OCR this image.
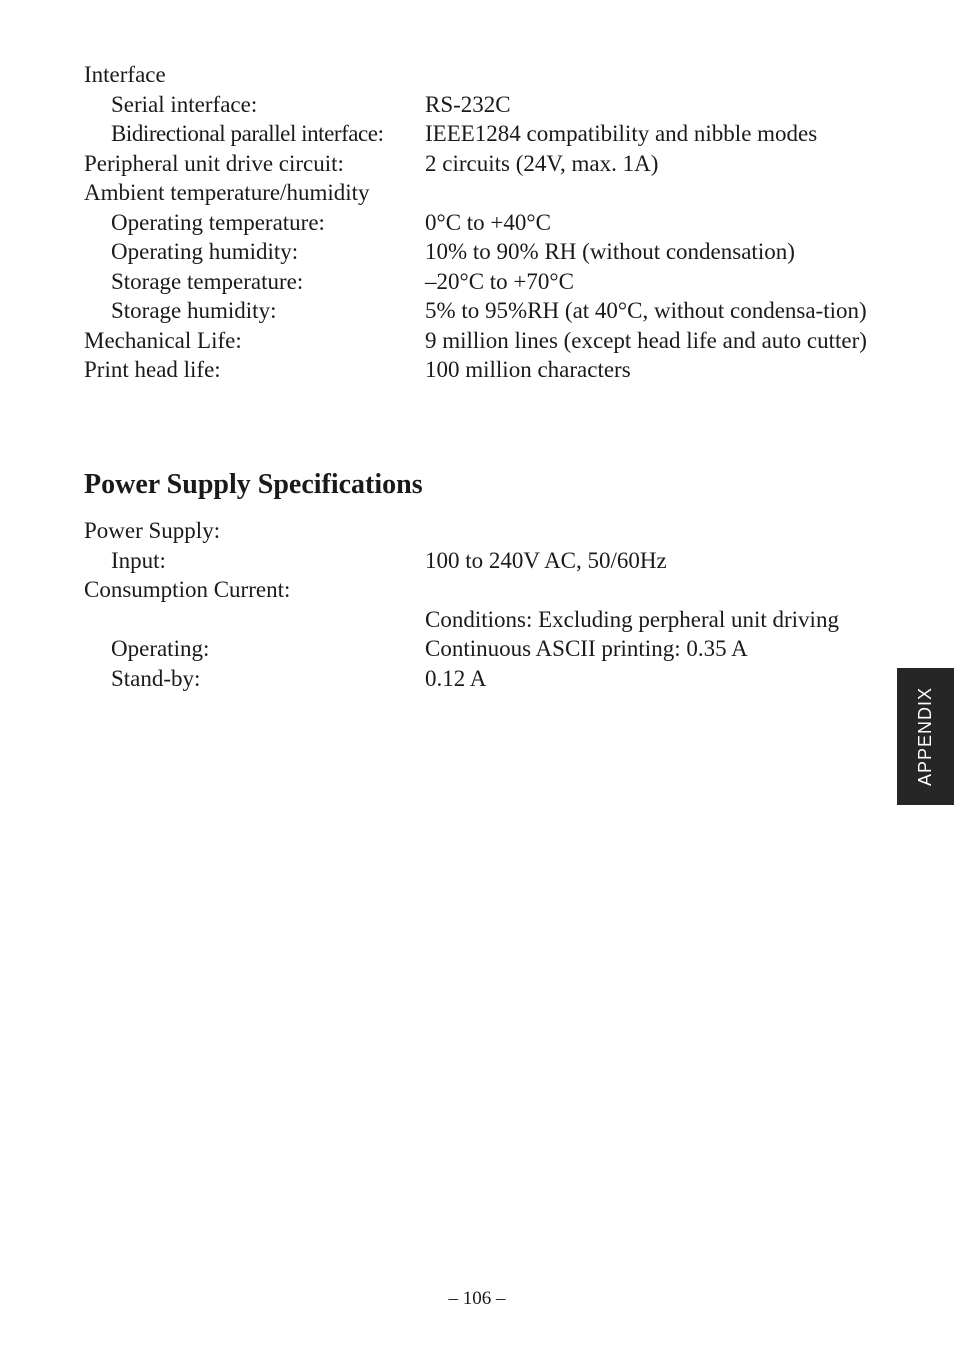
Interface
Serial interface:	RS-232C
Bidirectional parallel interface:	IEEE1284 compatibility and nibble modes
Peripheral unit drive circuit:	2 circuits (24V, max. 1A)
Ambient temperature/humidity
Operating temperature:	0°C to +40°C
Operating humidity:	10% to 90% RH (without condensation)
Storage temperature:	–20°C to +70°C
Storage humidity:	5% to 95%RH (at 40°C, without condensa-tion)
Mechanical Life:	9 million lines (except head life and auto cutter)
Print head life:	100 million characters
Power Supply Specifications
Power Supply:
Input:	100 to 240V AC, 50/60Hz
Consumption Current:
Conditions: Excluding perpheral unit driving
Operating:	Continuous ASCII printing: 0.35 A
Stand-by:	0.12 A
APPENDIX
– 106 –
